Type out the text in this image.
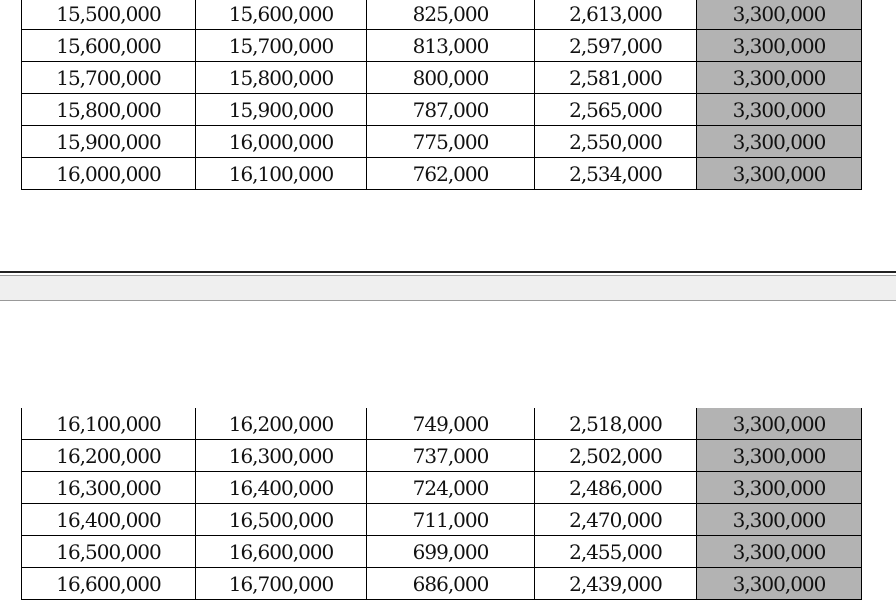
15,500,000	15,600,000	825,000	2,613,000	3,300,000
15,600,000	15,700,000	813,000	2,597,000	3,300,000
15,700,000	15,800,000	800,000	2,581,000	3,300,000
15,800,000	15,900,000	787,000	2,565,000	3,300,000
15,900,000	16,000,000	775,000	2,550,000	3,300,000
16,000,000	16,100,000	762,000	2,534,000	3,300,000
16,100,000	16,200,000	749,000	2,518,000	3,300,000
16,200,000	16,300,000	737,000	2,502,000	3,300,000
16,300,000	16,400,000	724,000	2,486,000	3,300,000
16,400,000	16,500,000	711,000	2,470,000	3,300,000
16,500,000	16,600,000	699,000	2,455,000	3,300,000
16,600,000	16,700,000	686,000	2,439,000	3,300,000
